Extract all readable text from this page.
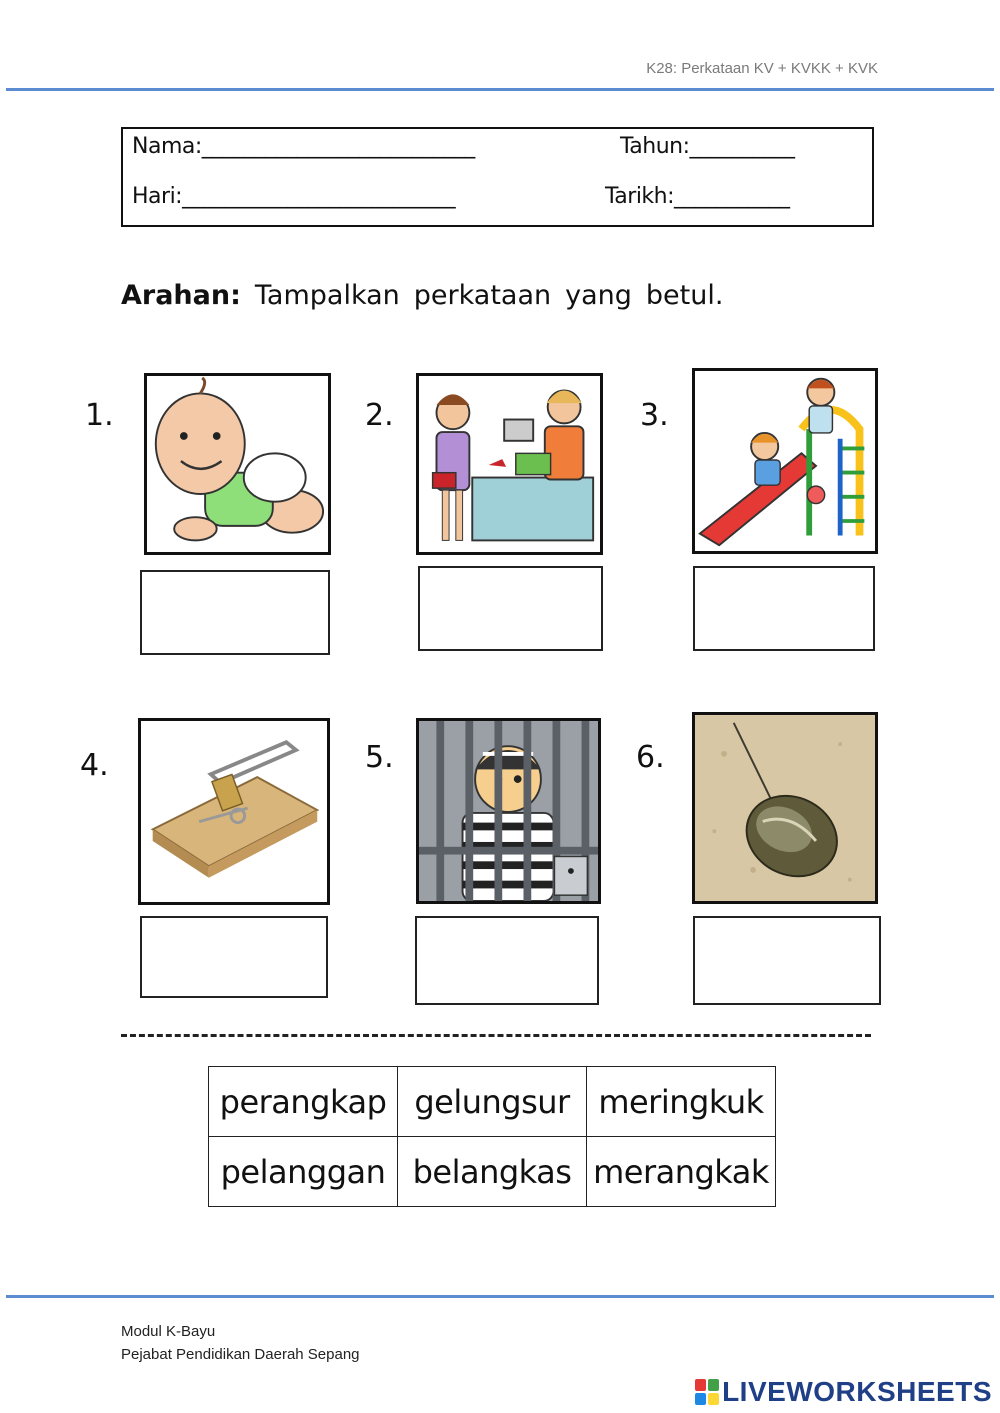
K28: Perkataan KV + KVKK + KVK
Nama:__________________________	Tahun:__________
Hari:__________________________	Tarikh:___________
Arahan: Tampalkan perkataan yang betul.
1.	2.	3.
4.	5.	6.
perangkap	gelungsur	meringkuk
pelanggan	belangkas	merangkak
Modul K-Bayu
Pejabat Pendidikan Daerah Sepang
LIVEWORKSHEETS
